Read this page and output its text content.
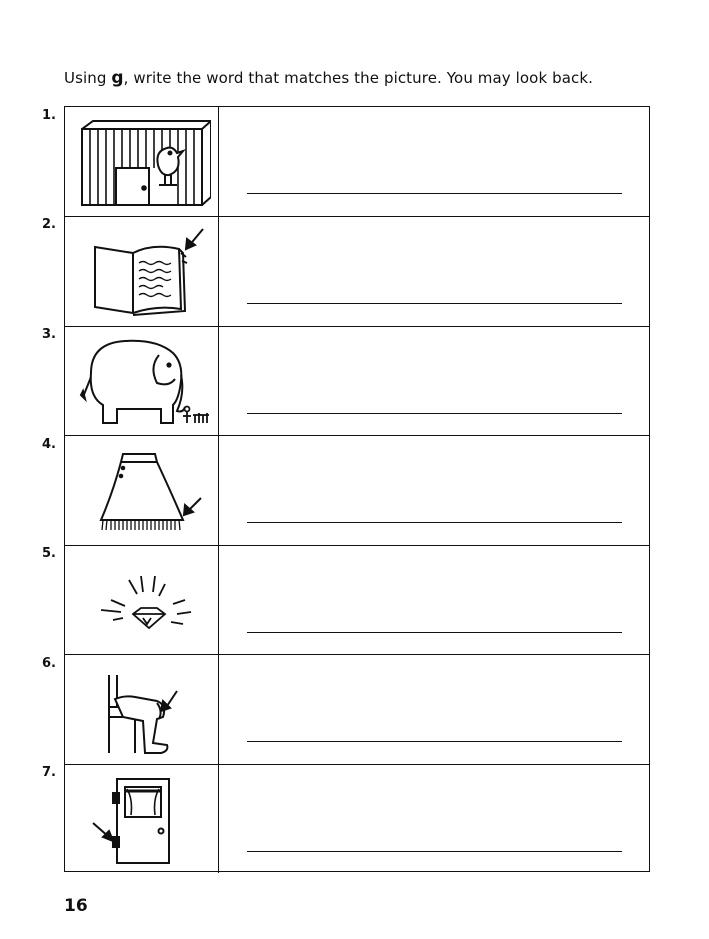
Using g, write the word that matches the picture. You may look back.
1.
2.
3.
4.
5.
6.
7.
16
